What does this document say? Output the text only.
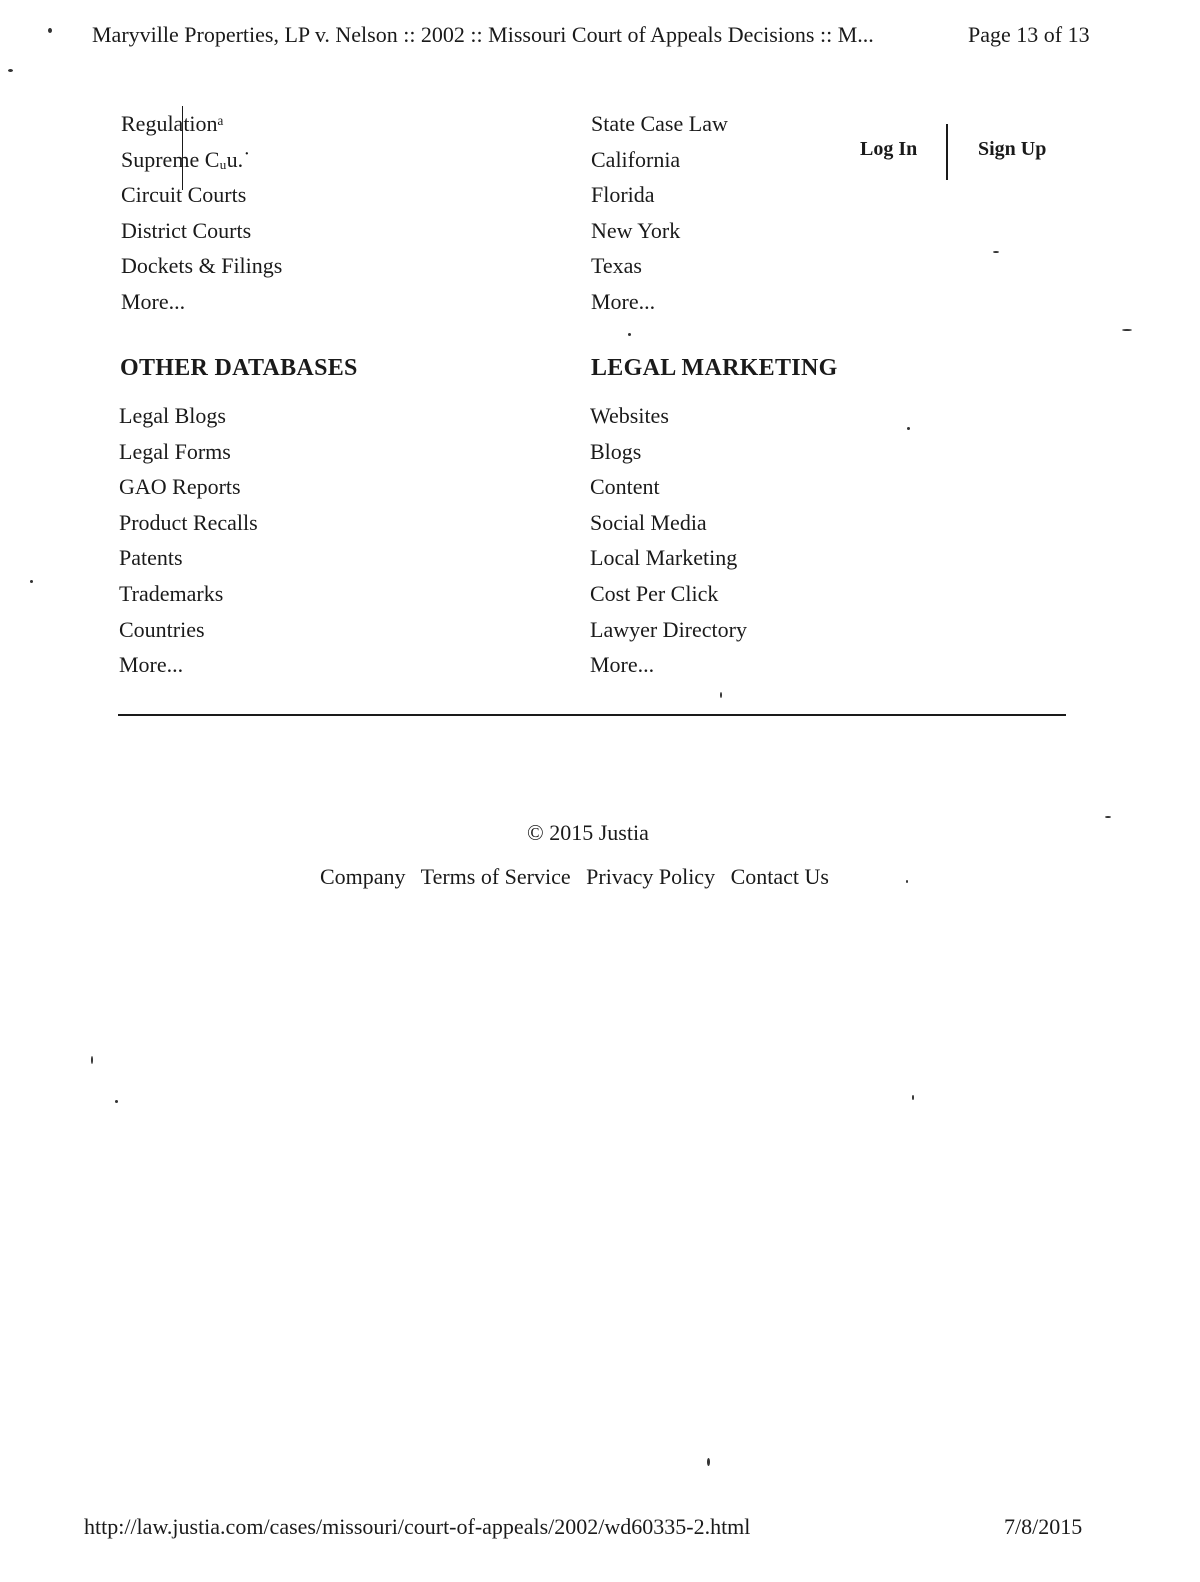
Maryville Properties, LP v. Nelson :: 2002 :: Missouri Court of Appeals Decisions :: M...	Page 13 of 13
Regulationᵃ
Supreme Cᵤu.˙
Circuit Courts
District Courts
Dockets & Filings
More...
State Case Law
California
Florida
New York
Texas
More...
Log In	Sign Up
OTHER DATABASES	LEGAL MARKETING
Legal Blogs
Legal Forms
GAO Reports
Product Recalls
Patents
Trademarks
Countries
More...
Websites
Blogs
Content
Social Media
Local Marketing
Cost Per Click
Lawyer Directory
More...
© 2015 Justia
Company Terms of Service Privacy Policy Contact Us
http://law.justia.com/cases/missouri/court-of-appeals/2002/wd60335-2.html	7/8/2015
